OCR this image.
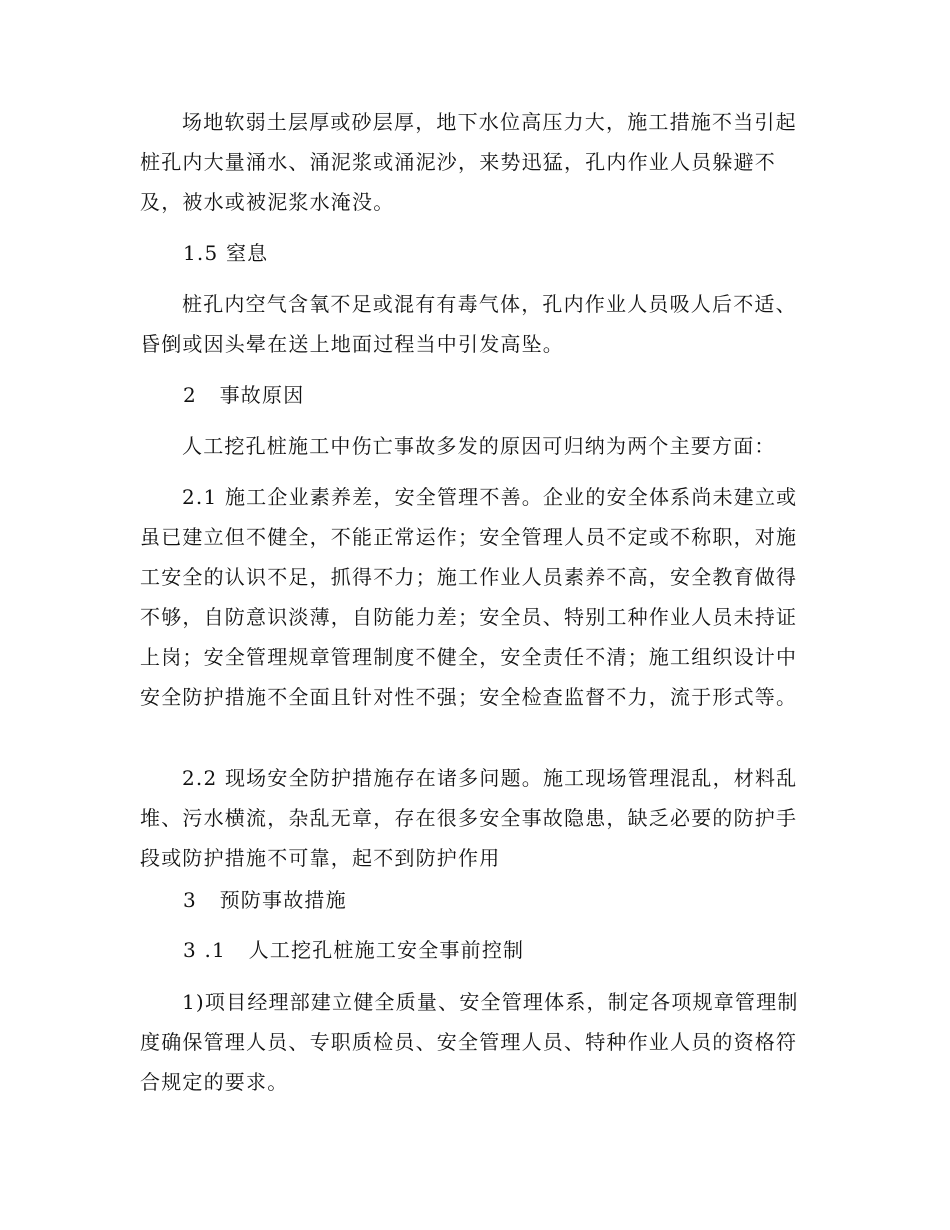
场地软弱土层厚或砂层厚，地下水位高压力大，施工措施不当引起桩孔内大量涌水、涌泥浆或涌泥沙，来势迅猛，孔内作业人员躲避不及，被水或被泥浆水淹没。

1.5 窒息

桩孔内空气含氧不足或混有有毒气体，孔内作业人员吸人后不适、昏倒或因头晕在送上地面过程当中引发高坠。

2   事故原因

人工挖孔桩施工中伤亡事故多发的原因可归纳为两个主要方面：

2.1 施工企业素养差，安全管理不善。企业的安全体系尚未建立或虽已建立但不健全，不能正常运作；安全管理人员不定或不称职，对施工安全的认识不足，抓得不力；施工作业人员素养不高，安全教育做得不够，自防意识淡薄，自防能力差；安全员、特别工种作业人员未持证上岗；安全管理规章管理制度不健全，安全责任不清；施工组织设计中安全防护措施不全面且针对性不强；安全检查监督不力，流于形式等。

2.2 现场安全防护措施存在诸多问题。施工现场管理混乱，材料乱堆、污水横流，杂乱无章，存在很多安全事故隐患，缺乏必要的防护手段或防护措施不可靠，起不到防护作用

3   预防事故措施

3 .1   人工挖孔桩施工安全事前控制

1)项目经理部建立健全质量、安全管理体系，制定各项规章管理制度确保管理人员、专职质检员、安全管理人员、特种作业人员的资格符合规定的要求。
